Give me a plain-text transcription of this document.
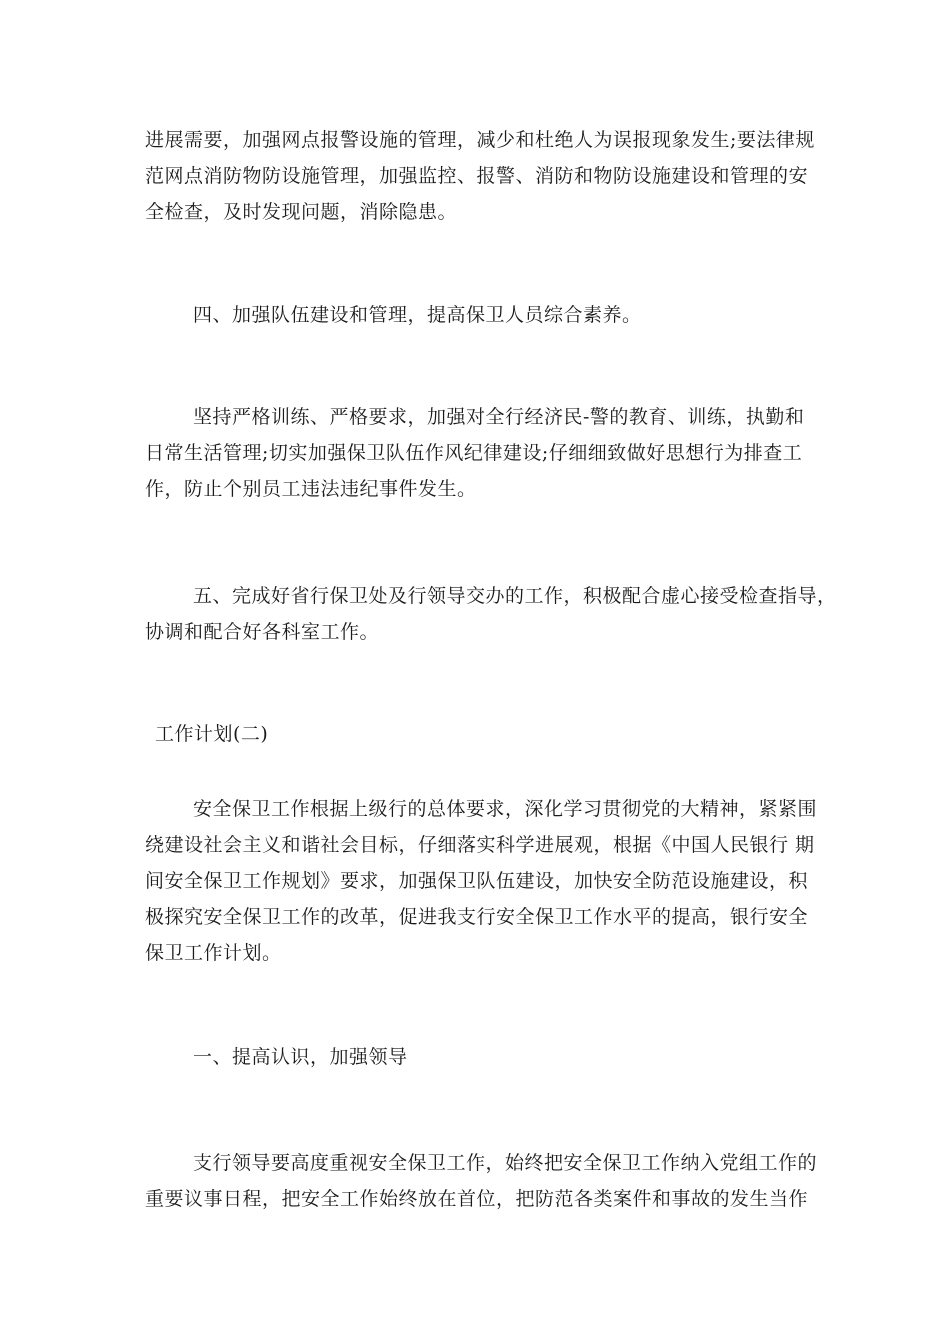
进展需要，加强网点报警设施的管理，减少和杜绝人为误报现象发生;要法律规
范网点消防物防设施管理，加强监控、报警、消防和物防设施建设和管理的安
全检查，及时发现问题，消除隐患。
四、加强队伍建设和管理，提高保卫人员综合素养。
坚持严格训练、严格要求，加强对全行经济民-警的教育、训练，执勤和
日常生活管理;切实加强保卫队伍作风纪律建设;仔细细致做好思想行为排查工
作，防止个别员工违法违纪事件发生。
五、完成好省行保卫处及行领导交办的工作，积极配合虚心接受检查指导，
协调和配合好各科室工作。
工作计划(二)
安全保卫工作根据上级行的总体要求，深化学习贯彻党的大精神，紧紧围
绕建设社会主义和谐社会目标，仔细落实科学进展观，根据《中国人民银行 期
间安全保卫工作规划》要求，加强保卫队伍建设，加快安全防范设施建设，积
极探究安全保卫工作的改革，促进我支行安全保卫工作水平的提高，银行安全
保卫工作计划。
一、提高认识，加强领导
支行领导要高度重视安全保卫工作，始终把安全保卫工作纳入党组工作的
重要议事日程，把安全工作始终放在首位，把防范各类案件和事故的发生当作
